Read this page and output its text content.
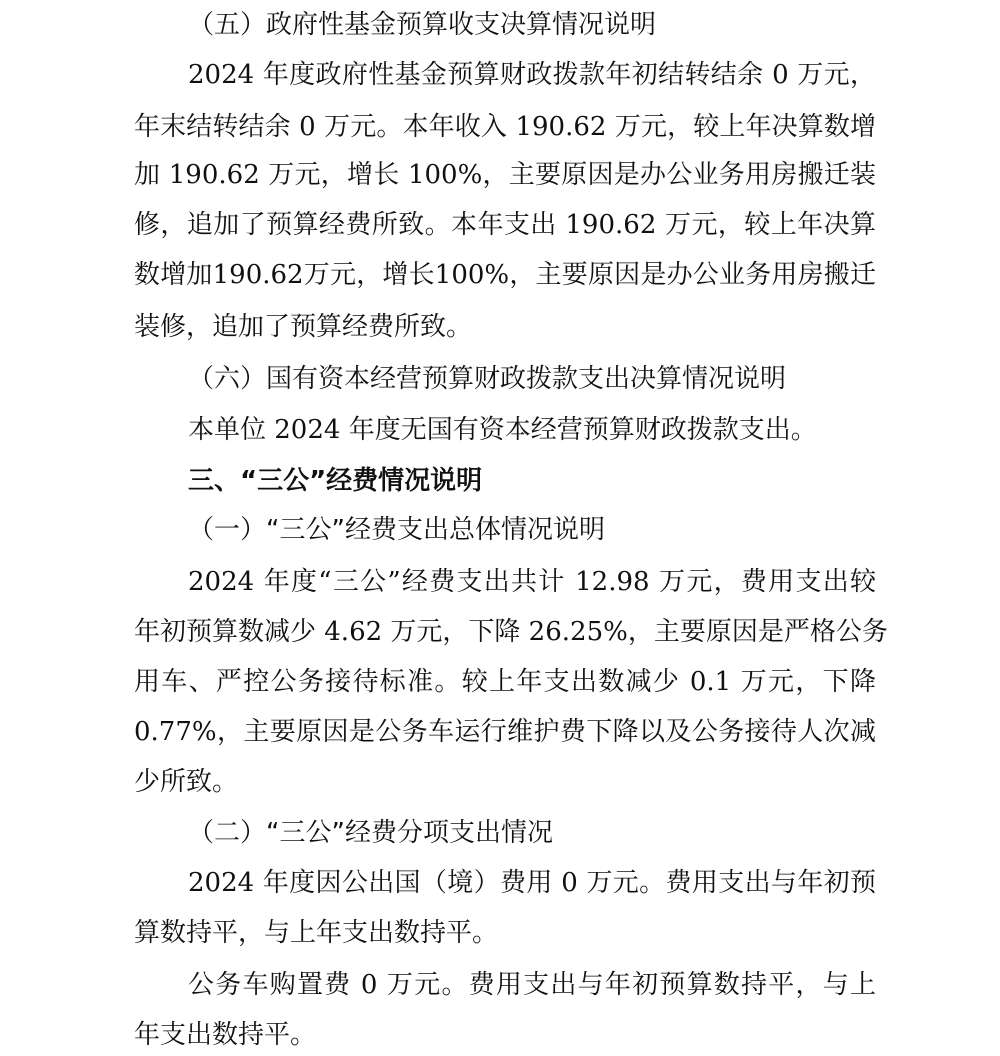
（五）政府性基金预算收支决算情况说明
2024 年度政府性基金预算财政拨款年初结转结余 0 万元，
年末结转结余 0 万元。本年收入 190.62 万元，较上年决算数增
加 190.62 万元，增长 100%，主要原因是办公业务用房搬迁装
修，追加了预算经费所致。本年支出 190.62 万元，较上年决算
数增加190.62万元，增长100%，主要原因是办公业务用房搬迁
装修，追加了预算经费所致。
（六）国有资本经营预算财政拨款支出决算情况说明
本单位 2024 年度无国有资本经营预算财政拨款支出。
三、“三公”经费情况说明
（一）“三公”经费支出总体情况说明
2024 年度“三公”经费支出共计 12.98 万元，费用支出较
年初预算数减少 4.62 万元，下降 26.25%，主要原因是严格公务
用车、严控公务接待标准。较上年支出数减少 0.1 万元，下降
0.77%，主要原因是公务车运行维护费下降以及公务接待人次减
少所致。
（二）“三公”经费分项支出情况
2024 年度因公出国（境）费用 0 万元。费用支出与年初预
算数持平，与上年支出数持平。
公务车购置费 0 万元。费用支出与年初预算数持平，与上
年支出数持平。
